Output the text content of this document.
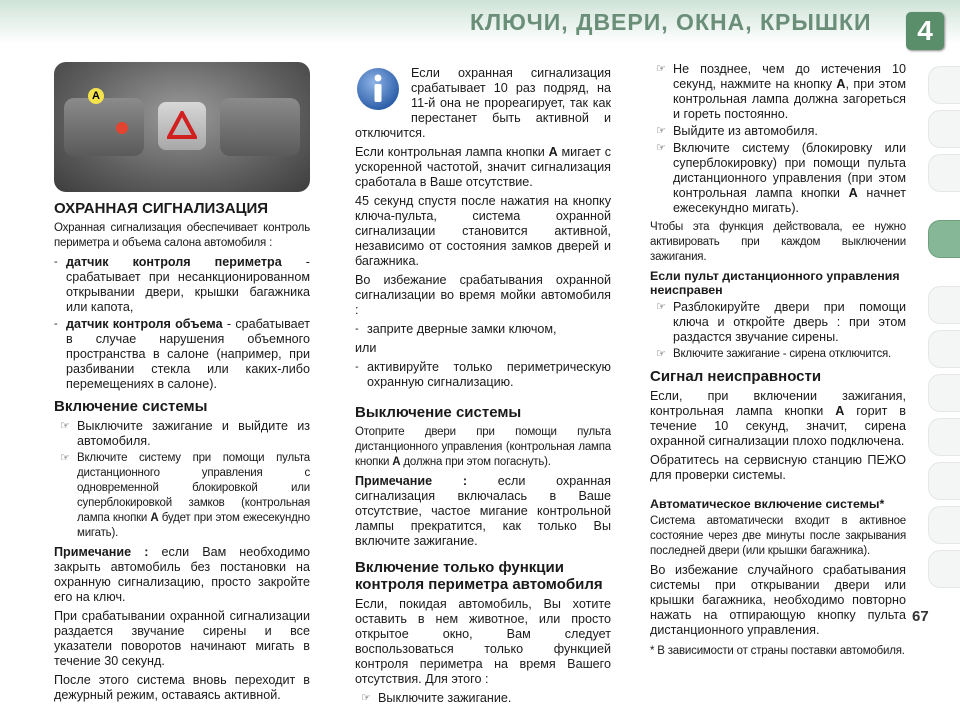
КЛЮЧИ, ДВЕРИ, ОКНА, КРЫШКИ	4
A
ОХРАННАЯ СИГНАЛИЗАЦИЯ

Охранная сигнализация обеспечивает контроль периметра и объема салона автомобиля :

- датчик контроля периметра - срабатывает при несанкционированном открывании двери, крышки багажника или капота,
- датчик контроля объема - срабатывает в случае нарушения объемного пространства в салоне (например, при разбивании стекла или каких-либо перемещениях в салоне).
Включение системы
☞ Выключите зажигание и выйдите из автомобиля.
☞ Включите систему при помощи пульта дистанционного управления с одновременной блокировкой или суперблокировкой замков (контрольная лампа кнопки A будет при этом ежесекундно мигать).

Примечание : если Вам необходимо закрыть автомобиль без постановки на охранную сигнализацию, просто закройте его на ключ.

При срабатывании охранной сигнализации раздается звучание сирены и все указатели поворотов начинают мигать в течение 30 секунд.

После этого система вновь переходит в дежурный режим, оставаясь активной.

Если охранная сигнализация срабатывает 10 раз подряд, на 11-й она не прореагирует, так как перестанет быть активной и отключится.

Если контрольная лампа кнопки A мигает с ускоренной частотой, значит сигнализация сработала в Ваше отсутствие.

45 секунд спустя после нажатия на кнопку ключа-пульта, система охранной сигнализации становится активной, независимо от состояния замков дверей и багажника.

Во избежание срабатывания охранной сигнализации во время мойки автомобиля :

- заприте дверные замки ключом,

или

- активируйте только периметрическую охранную сигнализацию.
Выключение системы

Отоприте двери при помощи пульта дистанционного управления (контрольная лампа кнопки A должна при этом погаснуть).

Примечание : если охранная сигнализация включалась в Ваше отсутствие, частое мигание контрольной лампы прекратится, как только Вы включите зажигание.

Включение только функции контроля периметра автомобиля

Если, покидая автомобиль, Вы хотите оставить в нем животное, или просто открытое окно, Вам следует воспользоваться только функцией контроля периметра на время Вашего отсутствия. Для этого :

☞ Выключите зажигание.
☞ Не позднее, чем до истечения 10 секунд, нажмите на кнопку A, при этом контрольная лампа должна загореться и гореть постоянно.
☞ Выйдите из автомобиля.
☞ Включите систему (блокировку или суперблокировку) при помощи пульта дистанционного управления (при этом контрольная лампа кнопки A начнет ежесекундно мигать).

Чтобы эта функция действовала, ее нужно активировать при каждом выключении зажигания.

Если пульт дистанционного управления неисправен
☞ Разблокируйте двери при помощи ключа и откройте дверь : при этом раздастся звучание сирены.
☞ Включите зажигание - сирена отключится.
Сигнал неисправности

Если, при включении зажигания, контрольная лампа кнопки A горит в течение 10 секунд, значит, сирена охранной сигнализации плохо подключена.

Обратитесь на сервисную станцию ПЕЖО для проверки системы.

Автоматическое включение системы*

Система автоматически входит в активное состояние через две минуты после закрывания последней двери (или крышки багажника).

Во избежание случайного срабатывания системы при открывании двери или крышки багажника, необходимо повторно нажать на отпирающую кнопку пульта дистанционного управления.

* В зависимости от страны поставки автомобиля.

67
